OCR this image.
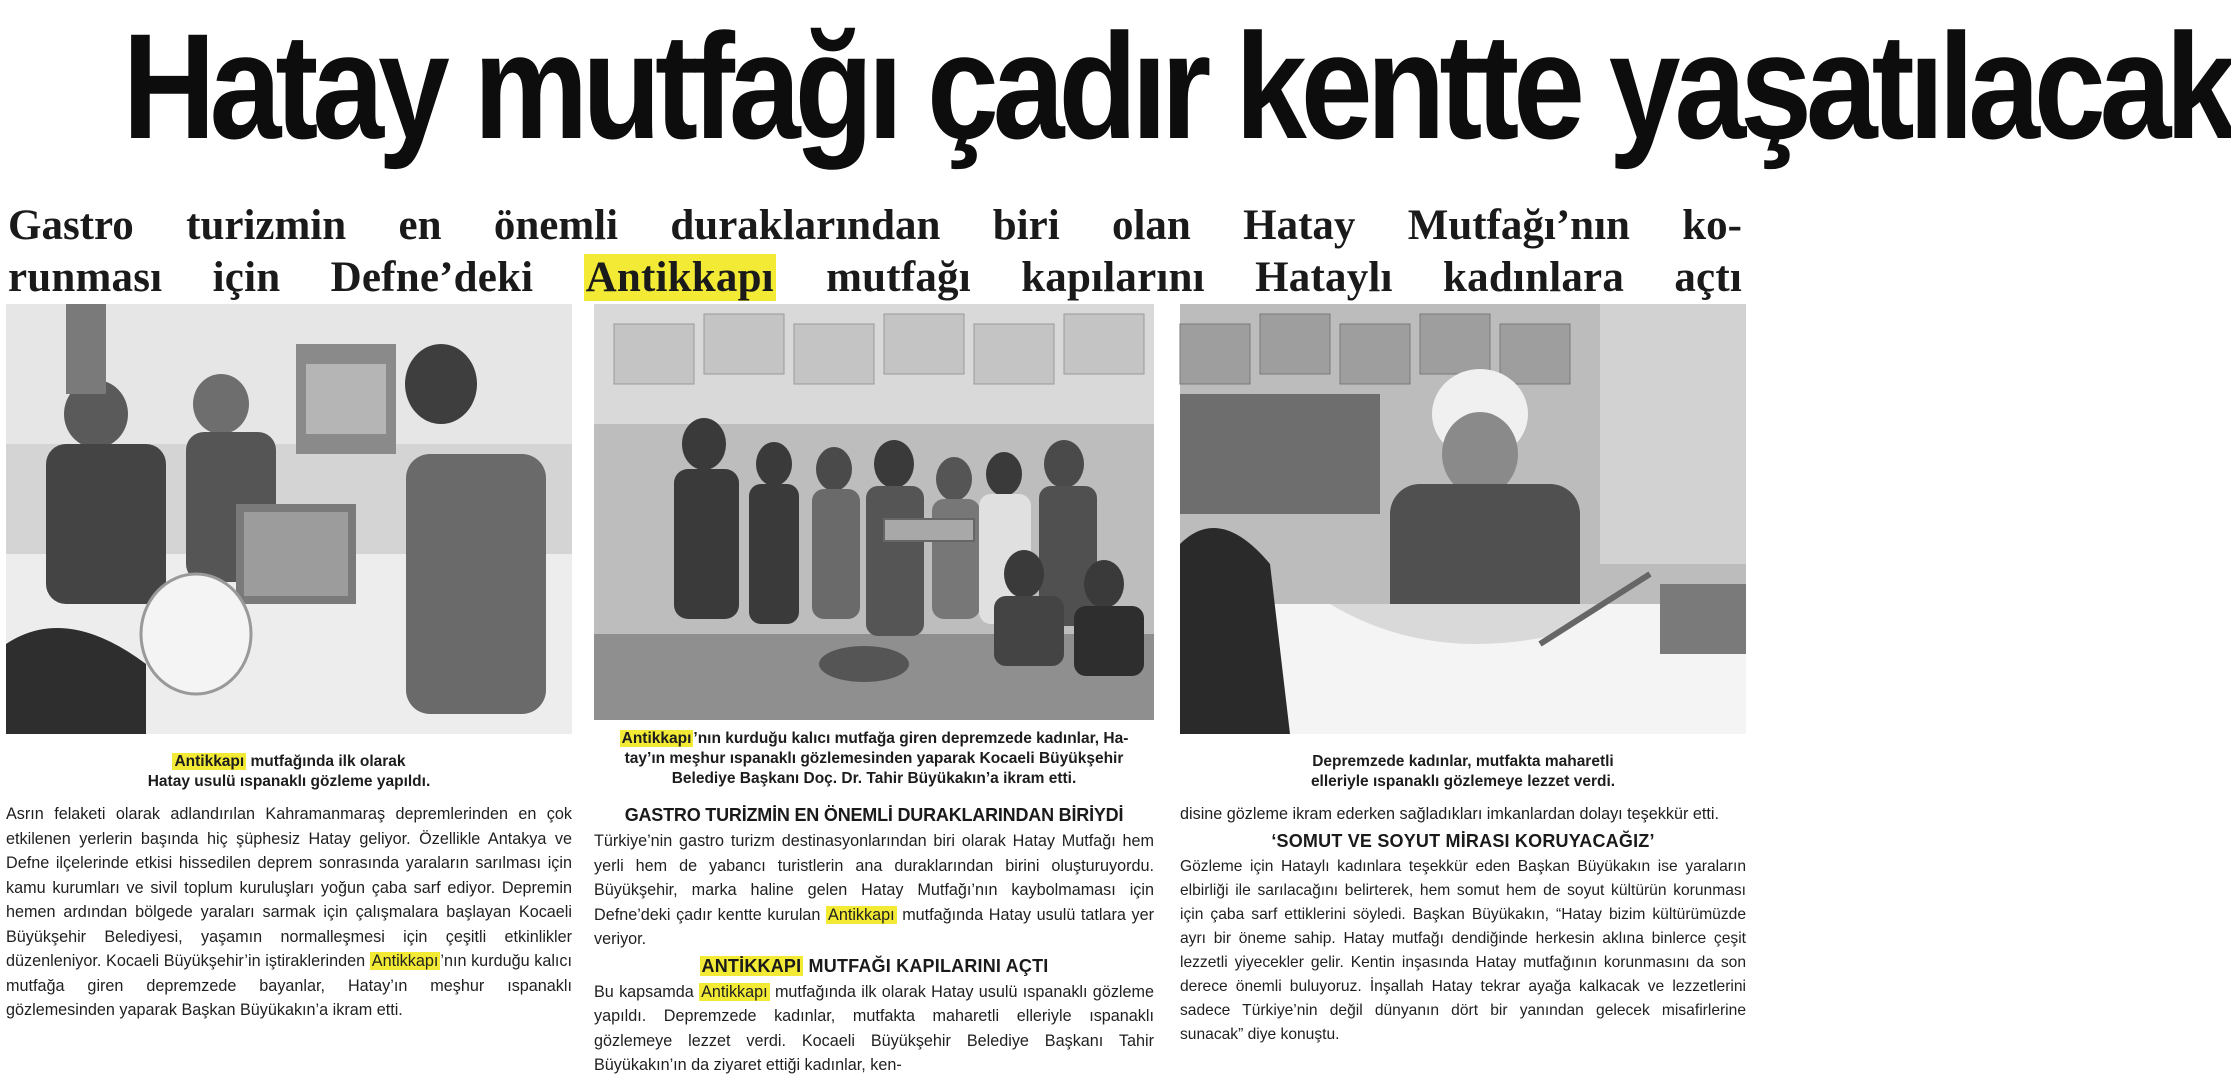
Hatay mutfağı çadır kentte yaşatılacak
Gastro turizmin en önemli duraklarından biri olan Hatay Mutfağı’nın ko-

runması için Defne’deki Antikkapı mutfağı kapılarını Hataylı kadınlara açtı
Antikkapı mutfağında ilk olarak
Hatay usulü ıspanaklı gözleme yapıldı.
Antikkapı ’nın kurduğu kalıcı mutfağa giren depremzede kadınlar, Ha-
tay’ın meşhur ıspanaklı gözlemesinden yaparak Kocaeli Büyükşehir
Belediye Başkanı Doç. Dr. Tahir Büyükakın’a ikram etti.
Depremzede kadınlar, mutfakta maharetli
elleriyle ıspanaklı gözlemeye lezzet verdi.

Asrın felaketi olarak adlandırılan Kahramanmaraş depremlerinden en çok etkilenen yerlerin başında hiç şüphesiz Hatay geliyor. Özellikle Antakya ve Defne ilçelerinde etkisi hissedilen deprem sonrasında yaraların sarılması için kamu kurumları ve sivil toplum kuruluşları yoğun çaba sarf ediyor. Depremin hemen ardından bölgede yaraları sarmak için çalışmalara başlayan Kocaeli Büyükşehir Belediyesi, yaşamın normalleşmesi için çeşitli etkinlikler düzenleniyor. Kocaeli Büyükşehir’in iştiraklerinden Antikkapı ’nın kurduğu kalıcı mutfağa giren depremzede bayanlar, Hatay’ın meşhur ıspanaklı gözlemesinden yaparak Başkan Büyükakın’a ikram etti.

GASTRO TURİZMİN EN ÖNEMLİ DURAKLARINDAN BİRİYDİ

Türkiye’nin gastro turizm destinasyonlarından biri olarak Hatay Mutfağı hem yerli hem de yabancı turistlerin ana duraklarından birini oluşturuyordu. Büyükşehir, marka haline gelen Hatay Mutfağı’nın kaybolmaması için Defne’deki çadır kentte kurulan Antikkapı mutfağında Hatay usulü tatlara yer veriyor.

ANTİKKAPI MUTFAĞI KAPILARINI AÇTI

Bu kapsamda Antikkapı mutfağında ilk olarak Hatay usulü ıspanaklı gözleme yapıldı. Depremzede kadınlar, mutfakta maharetli elleriyle ıspanaklı gözlemeye lezzet verdi. Kocaeli Büyükşehir Belediye Başkanı Tahir Büyükakın’ın da ziyaret ettiği kadınlar, ken-

disine gözleme ikram ederken sağladıkları imkanlardan dolayı teşekkür etti.

‘SOMUT VE SOYUT MİRASI KORUYACAĞIZ’

Gözleme için Hataylı kadınlara teşekkür eden Başkan Büyükakın ise yaraların elbirliği ile sarılacağını belirterek, hem somut hem de soyut kültürün korunması için çaba sarf ettiklerini söyledi. Başkan Büyükakın, “Hatay bizim kültürümüzde ayrı bir öneme sahip. Hatay mutfağı dendiğinde herkesin aklına binlerce çeşit lezzetli yiyecekler gelir. Kentin inşasında Hatay mutfağının korunmasını da son derece önemli buluyoruz. İnşallah Hatay tekrar ayağa kalkacak ve lezzetlerini sadece Türkiye’nin değil dünyanın dört bir yanından gelecek misafirlerine sunacak” diye konuştu.
